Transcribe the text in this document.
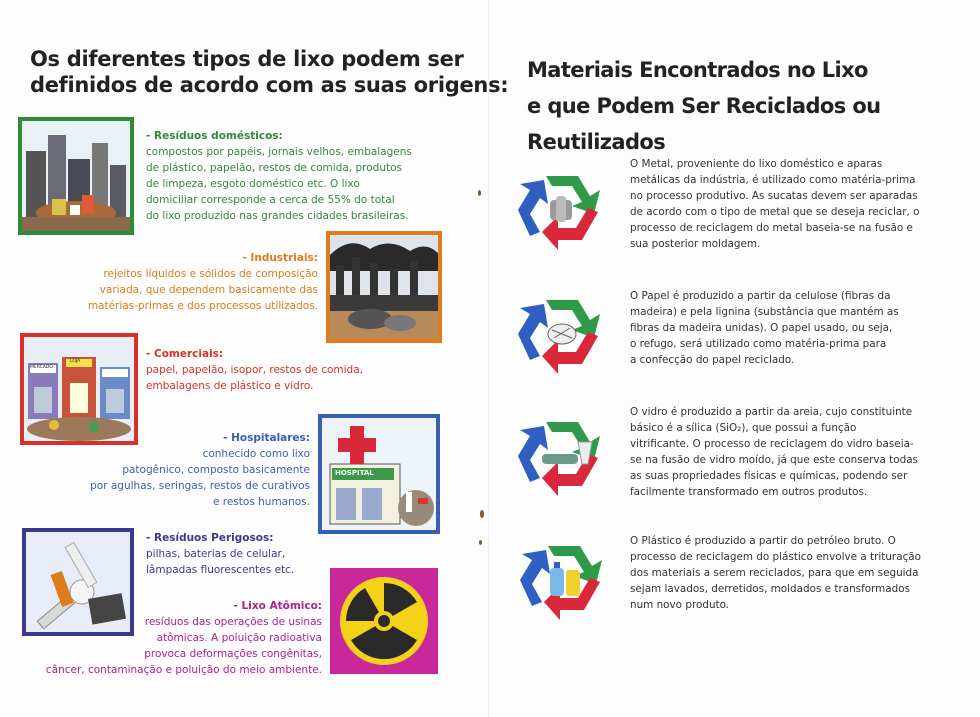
Os diferentes tipos de lixo podem ser
definidos de acordo com as suas origens:
- Resíduos domésticos:
compostos por papéis, jornais velhos, embalagens
de plástico, papelão, restos de comida, produtos
de limpeza, esgoto doméstico etc. O lixo
domiciliar corresponde a cerca de 55% do total
do lixo produzido nas grandes cidades brasileiras.
- Industriais:
rejeitos líquidos e sólidos de composição
variada, que dependem basicamente das
matérias-primas e dos processos utilizados.
MERCADO
LOJA
- Comerciais:
papel, papelão, isopor, restos de comida,
embalagens de plástico e vidro.
- Hospitalares:
conhecido como lixo
patogênico, composto basicamente
por agulhas, seringas, restos de curativos
e restos humanos.
HOSPITAL
- Resíduos Perigosos:
pilhas, baterias de celular,
lâmpadas fluorescentes etc.
- Lixo Atômico:
resíduos das operações de usinas
atômicas. A poluição radioativa
provoca deformações congênitas,
câncer, contaminação e poluição do meio ambiente.
Materiais Encontrados no Lixo
e que Podem Ser Reciclados ou Reutilizados
O Metal, proveniente do lixo doméstico e aparas
metálicas da indústria, é utilizado como matéria-prima
no processo produtivo. As sucatas devem ser aparadas
de acordo com o tipo de metal que se deseja reciclar, o
processo de reciclagem do metal baseia-se na fusão e
sua posterior moldagem.
O Papel é produzido a partir da celulose (fibras da
madeira) e pela lignina (substância que mantém as
fibras da madeira unidas). O papel usado, ou seja,
o refugo, será utilizado como matéria-prima para
a confecção do papel reciclado.
O vidro é produzido a partir da areia, cujo constituinte
básico é a sílica (SiO₂), que possui a função
vitrificante. O processo de reciclagem do vidro baseia-
se na fusão de vidro moído, já que este conserva todas
as suas propriedades físicas e químicas, podendo ser
facilmente transformado em outros produtos.
O Plástico é produzido a partir do petróleo bruto. O
processo de reciclagem do plástico envolve a trituração
dos materiais a serem reciclados, para que em seguida
sejam lavados, derretidos, moldados e transformados
num novo produto.
